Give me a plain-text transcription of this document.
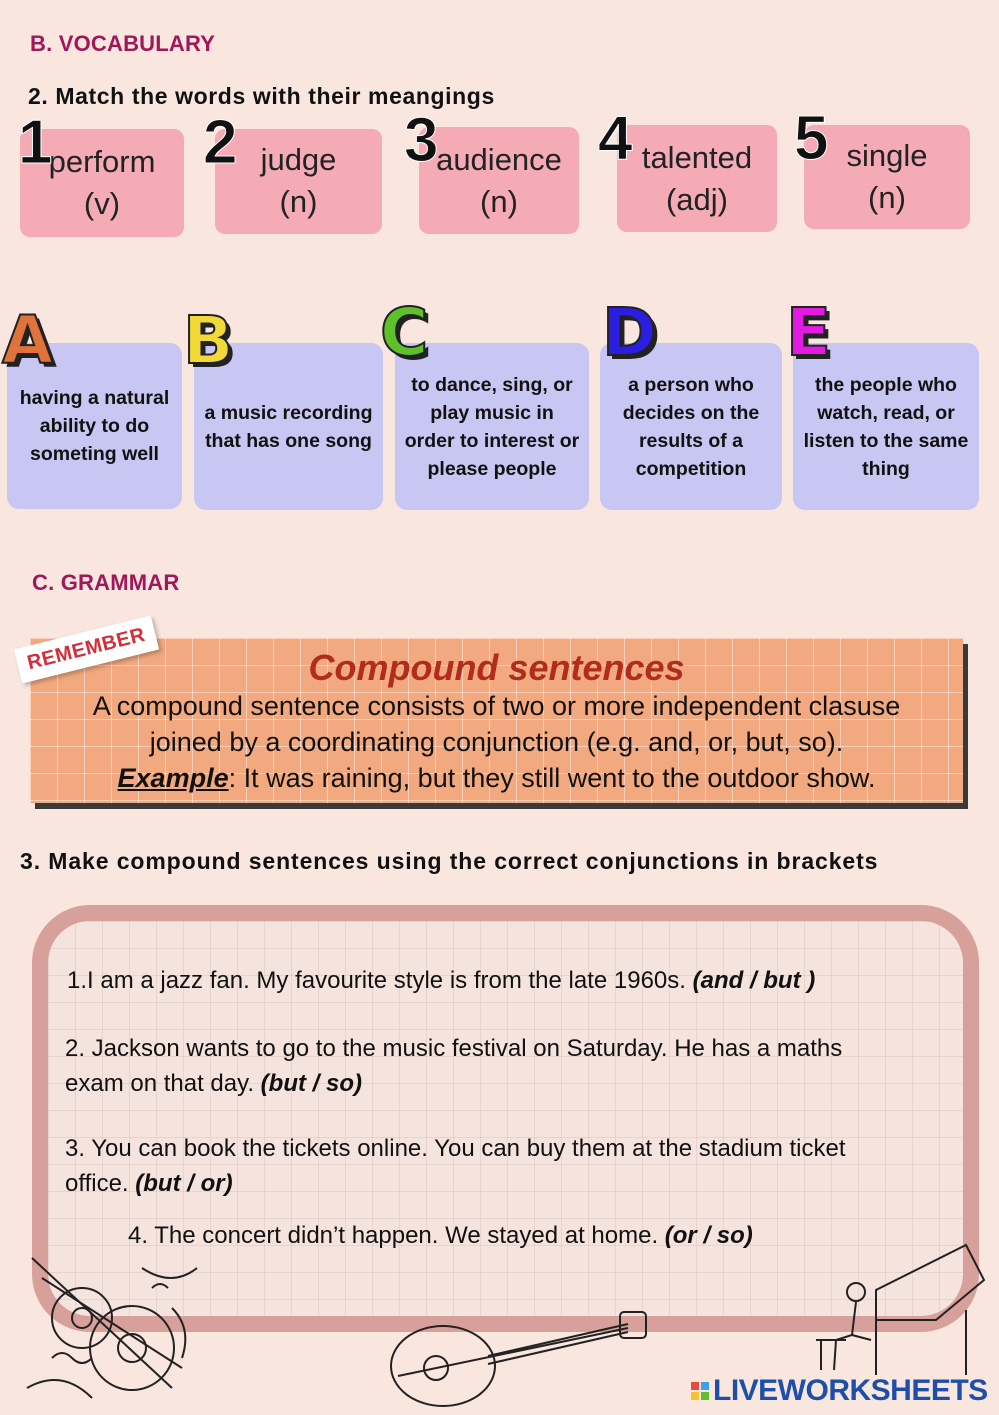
B. VOCABULARY
2. Match the words with their meangings
perform
(v)
1	judge
(n)
2	audience
(n)
3	talented
(adj)
4	single
(n)
5
having a natural ability to do someting well
A
a music recording that has one song
B
to dance, sing, or play music in order to interest or please people
C
a person who decides on the results of a competition
D
the people who watch, read, or listen to the same thing
E
C. GRAMMAR
Compound sentences
A compound sentence consists of two or more independent clasuse joined by a coordinating conjunction (e.g. and, or, but, so).
Example: It was raining, but they still went to the outdoor show.
REMEMBER
3. Make compound sentences using the correct conjunctions in brackets
1.I am a jazz fan. My favourite style is from the late 1960s. (and / but )
2. Jackson wants to go to the music festival on Saturday. He has a maths exam on that day. (but / so)
3. You can book the tickets online. You can buy them at the stadium ticket office. (but / or)
4. The concert didn’t happen. We stayed at home. (or / so)
LIVEWORKSHEETS
